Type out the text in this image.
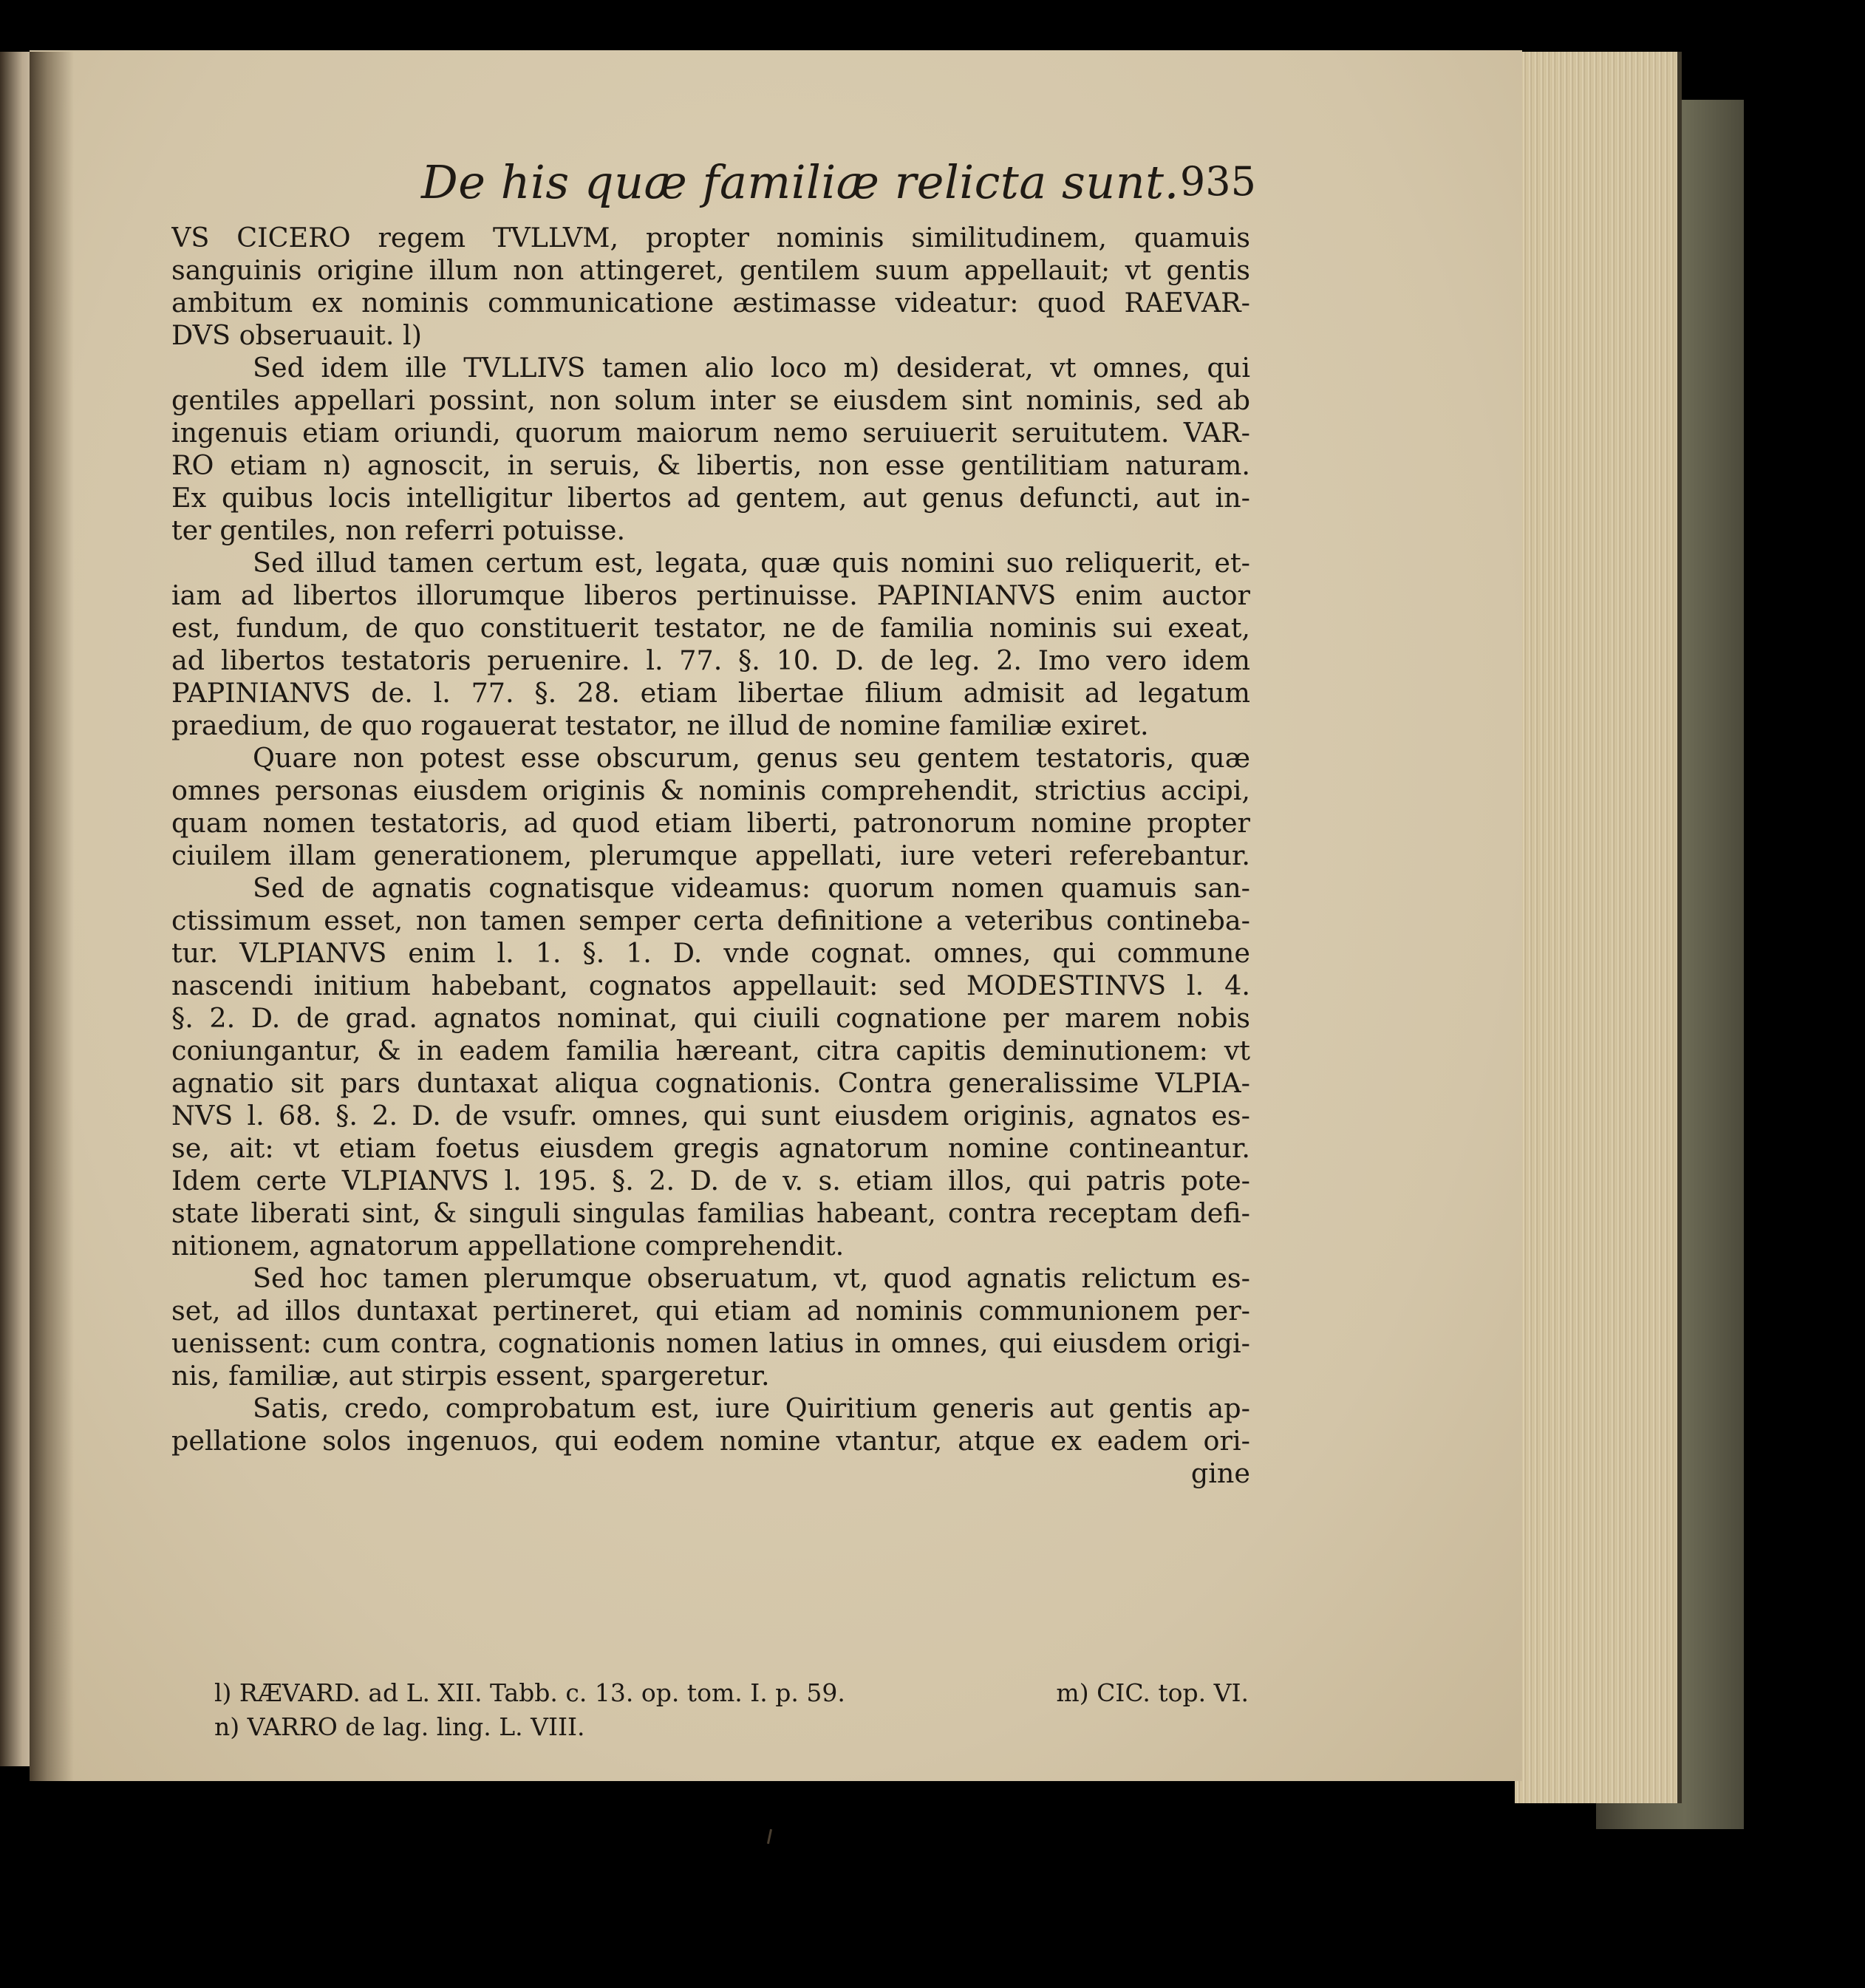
De his quæ familiæ relicta sunt. 935
VS CICERO regem TVLLVM, propter nominis similitudinem, quamuis
sanguinis origine illum non attingeret, gentilem suum appellauit; vt gentis
ambitum ex nominis communicatione æstimasse videatur: quod RAEVAR-
DVS obseruauit. l)
Sed idem ille TVLLIVS tamen alio loco m) desiderat, vt omnes, qui
gentiles appellari possint, non solum inter se eiusdem sint nominis, sed ab
ingenuis etiam oriundi, quorum maiorum nemo seruiuerit seruitutem. VAR-
RO etiam n) agnoscit, in seruis, & libertis, non esse gentilitiam naturam.
Ex quibus locis intelligitur libertos ad gentem, aut genus defuncti, aut in-
ter gentiles, non referri potuisse.
Sed illud tamen certum est, legata, quæ quis nomini suo reliquerit, et-
iam ad libertos illorumque liberos pertinuisse. PAPINIANVS enim auctor
est, fundum, de quo constituerit testator, ne de familia nominis sui exeat,
ad libertos testatoris peruenire. l. 77. §. 10. D. de leg. 2. Imo vero idem
PAPINIANVS de. l. 77. §. 28. etiam libertae filium admisit ad legatum
praedium, de quo rogauerat testator, ne illud de nomine familiæ exiret.
Quare non potest esse obscurum, genus seu gentem testatoris, quæ
omnes personas eiusdem originis & nominis comprehendit, strictius accipi,
quam nomen testatoris, ad quod etiam liberti, patronorum nomine propter
ciuilem illam generationem, plerumque appellati, iure veteri referebantur.
Sed de agnatis cognatisque videamus: quorum nomen quamuis san-
ctissimum esset, non tamen semper certa definitione a veteribus contineba-
tur. VLPIANVS enim l. 1. §. 1. D. vnde cognat. omnes, qui commune
nascendi initium habebant, cognatos appellauit: sed MODESTINVS l. 4.
§. 2. D. de grad. agnatos nominat, qui ciuili cognatione per marem nobis
coniungantur, & in eadem familia hæreant, citra capitis deminutionem: vt
agnatio sit pars duntaxat aliqua cognationis. Contra generalissime VLPIA-
NVS l. 68. §. 2. D. de vsufr. omnes, qui sunt eiusdem originis, agnatos es-
se, ait: vt etiam foetus eiusdem gregis agnatorum nomine contineantur.
Idem certe VLPIANVS l. 195. §. 2. D. de v. s. etiam illos, qui patris pote-
state liberati sint, & singuli singulas familias habeant, contra receptam defi-
nitionem, agnatorum appellatione comprehendit.
Sed hoc tamen plerumque obseruatum, vt, quod agnatis relictum es-
set, ad illos duntaxat pertineret, qui etiam ad nominis communionem per-
uenissent: cum contra, cognationis nomen latius in omnes, qui eiusdem origi-
nis, familiæ, aut stirpis essent, spargeretur.
Satis, credo, comprobatum est, iure Quiritium generis aut gentis ap-
pellatione solos ingenuos, qui eodem nomine vtantur, atque ex eadem ori-
gine
l) RÆVARD. ad L. XII. Tabb. c. 13. op. tom. I. p. 59.
n) VARRO de lag. ling. L. VIII.
m) CIC. top. VI.
